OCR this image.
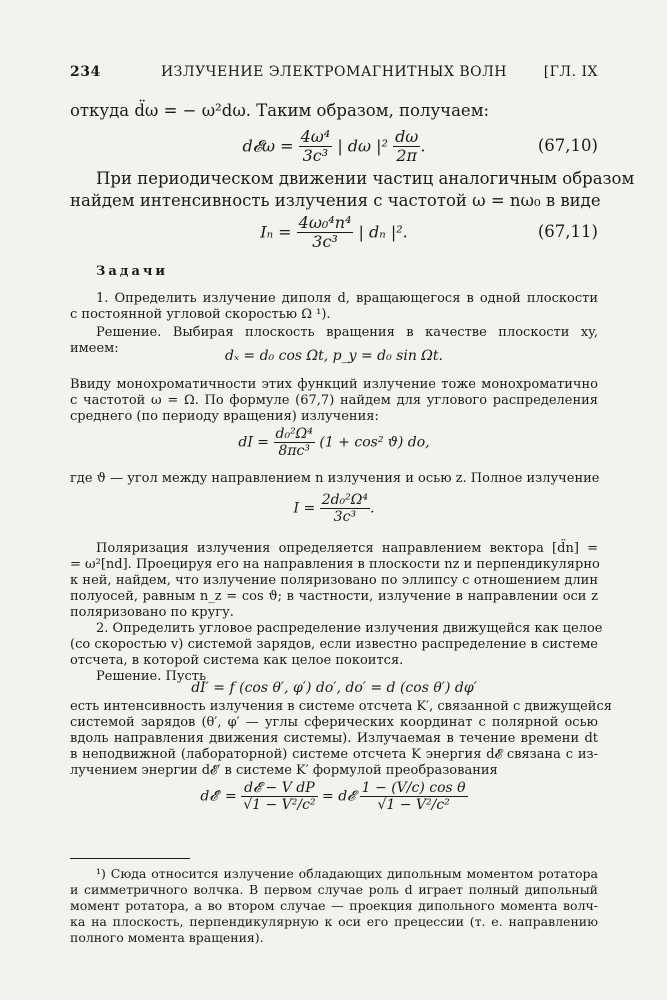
234	ИЗЛУЧЕНИЕ ЭЛЕКТРОМАГНИТНЫХ ВОЛН	[ГЛ. IX
откуда d̈ω = − ω²dω. Таким образом, получаем:
d𝓔ω = $\frac{\text{4ω⁴}}{\text{3c³}}$ | dω $|^2 \frac{d\omega}{2\pi}$ .	(67,10)
При периодическом движении частиц аналогичным образом
найдем интенсивность излучения с частотой ω = nω₀ в виде
$I_n = \frac{\text{4ω₀⁴n⁴}}{\text{3c³}}$ | dₙ |².	(67,11)
Задачи
1. Определить излучение диполя d, вращающегося в одной плоскости
с постоянной угловой скоростью Ω ¹).
Решение. Выбирая плоскость вращения в качестве плоскости xy,
имеем:	dₓ = d₀ cos Ωt, p_y = d₀ sin Ωt.
Ввиду монохроматичности этих функций излучение тоже монохроматично
с частотой ω = Ω. По формуле (67,7) найдем для углового распределения
среднего (по периоду вращения) излучения:
dI = $\frac{\text{d₀²Ω⁴}}{\text{8πc³}} (1 + \cos^2$ ϑ) do,
где ϑ — угол между направлением n излучения и осью z. Полное излучение
$I = \frac{\text{2d₀²Ω⁴}}{\text{3c³}}$ .
Поляризация излучения определяется направлением вектора [d̈n] =
= ω²[nd]. Проецируя его на направления в плоскости nz и перпендикулярно
к ней, найдем, что излучение поляризовано по эллипсу с отношением длин
полуосей, равным n_z = cos ϑ; в частности, излучение в направлении оси z
поляризовано по кругу.
2. Определить угловое распределение излучения движущейся как целое
(со скоростью v) системой зарядов, если известно распределение в системе
отсчета, в которой система как целое покоится.
Решение. Пусть
dI′ = f (cos θ′, φ′) do′, do′ = d (cos θ′) dφ′
есть интенсивность излучения в системе отсчета K′, связанной с движущейся
системой зарядов (θ′, φ′ — углы сферических координат с полярной осью
вдоль направления движения системы). Излучаемая в течение времени dt
в неподвижной (лабораторной) системе отсчета K энергия d𝓔 связана с из-
лучением энергии d𝓔′ в системе K′ формулой преобразования
d𝓔′ = $\frac{\text{d𝓔 − V dP}}{\text{√1 − V²/c²}}$ = d𝓔 $\frac{\text{1 − (V/c) cos θ}}{\text{√1 − V²/c²}}$
¹) Сюда относится излучение обладающих дипольным моментом ротатора
и симметричного волчка. В первом случае роль d играет полный дипольный
момент ротатора, а во втором случае — проекция дипольного момента волч-
ка на плоскость, перпендикулярную к оси его прецессии (т. е. направлению
полного момента вращения).
